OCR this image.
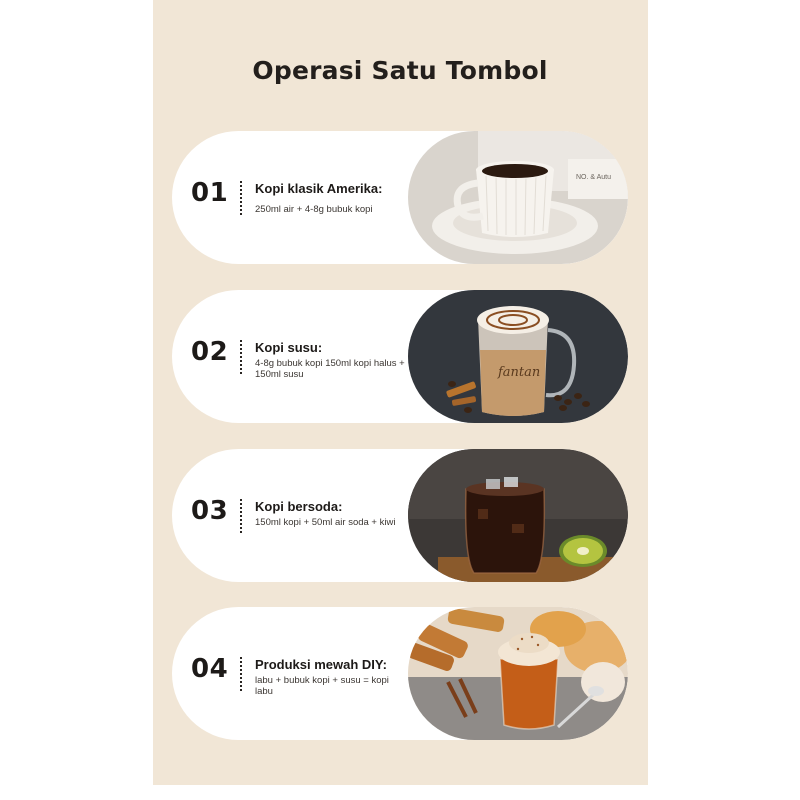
Operasi Satu Tombol
01 Kopi klasik Amerika:
250ml air + 4-8g bubuk kopi
NO. & Autu
02 Kopi susu:
4-8g bubuk kopi 150ml kopi halus + 150ml susu	fantan
03 Kopi bersoda:
150ml kopi + 50ml air soda + kiwi
04 Produksi mewah DIY:
labu + bubuk kopi + susu = kopi labu
